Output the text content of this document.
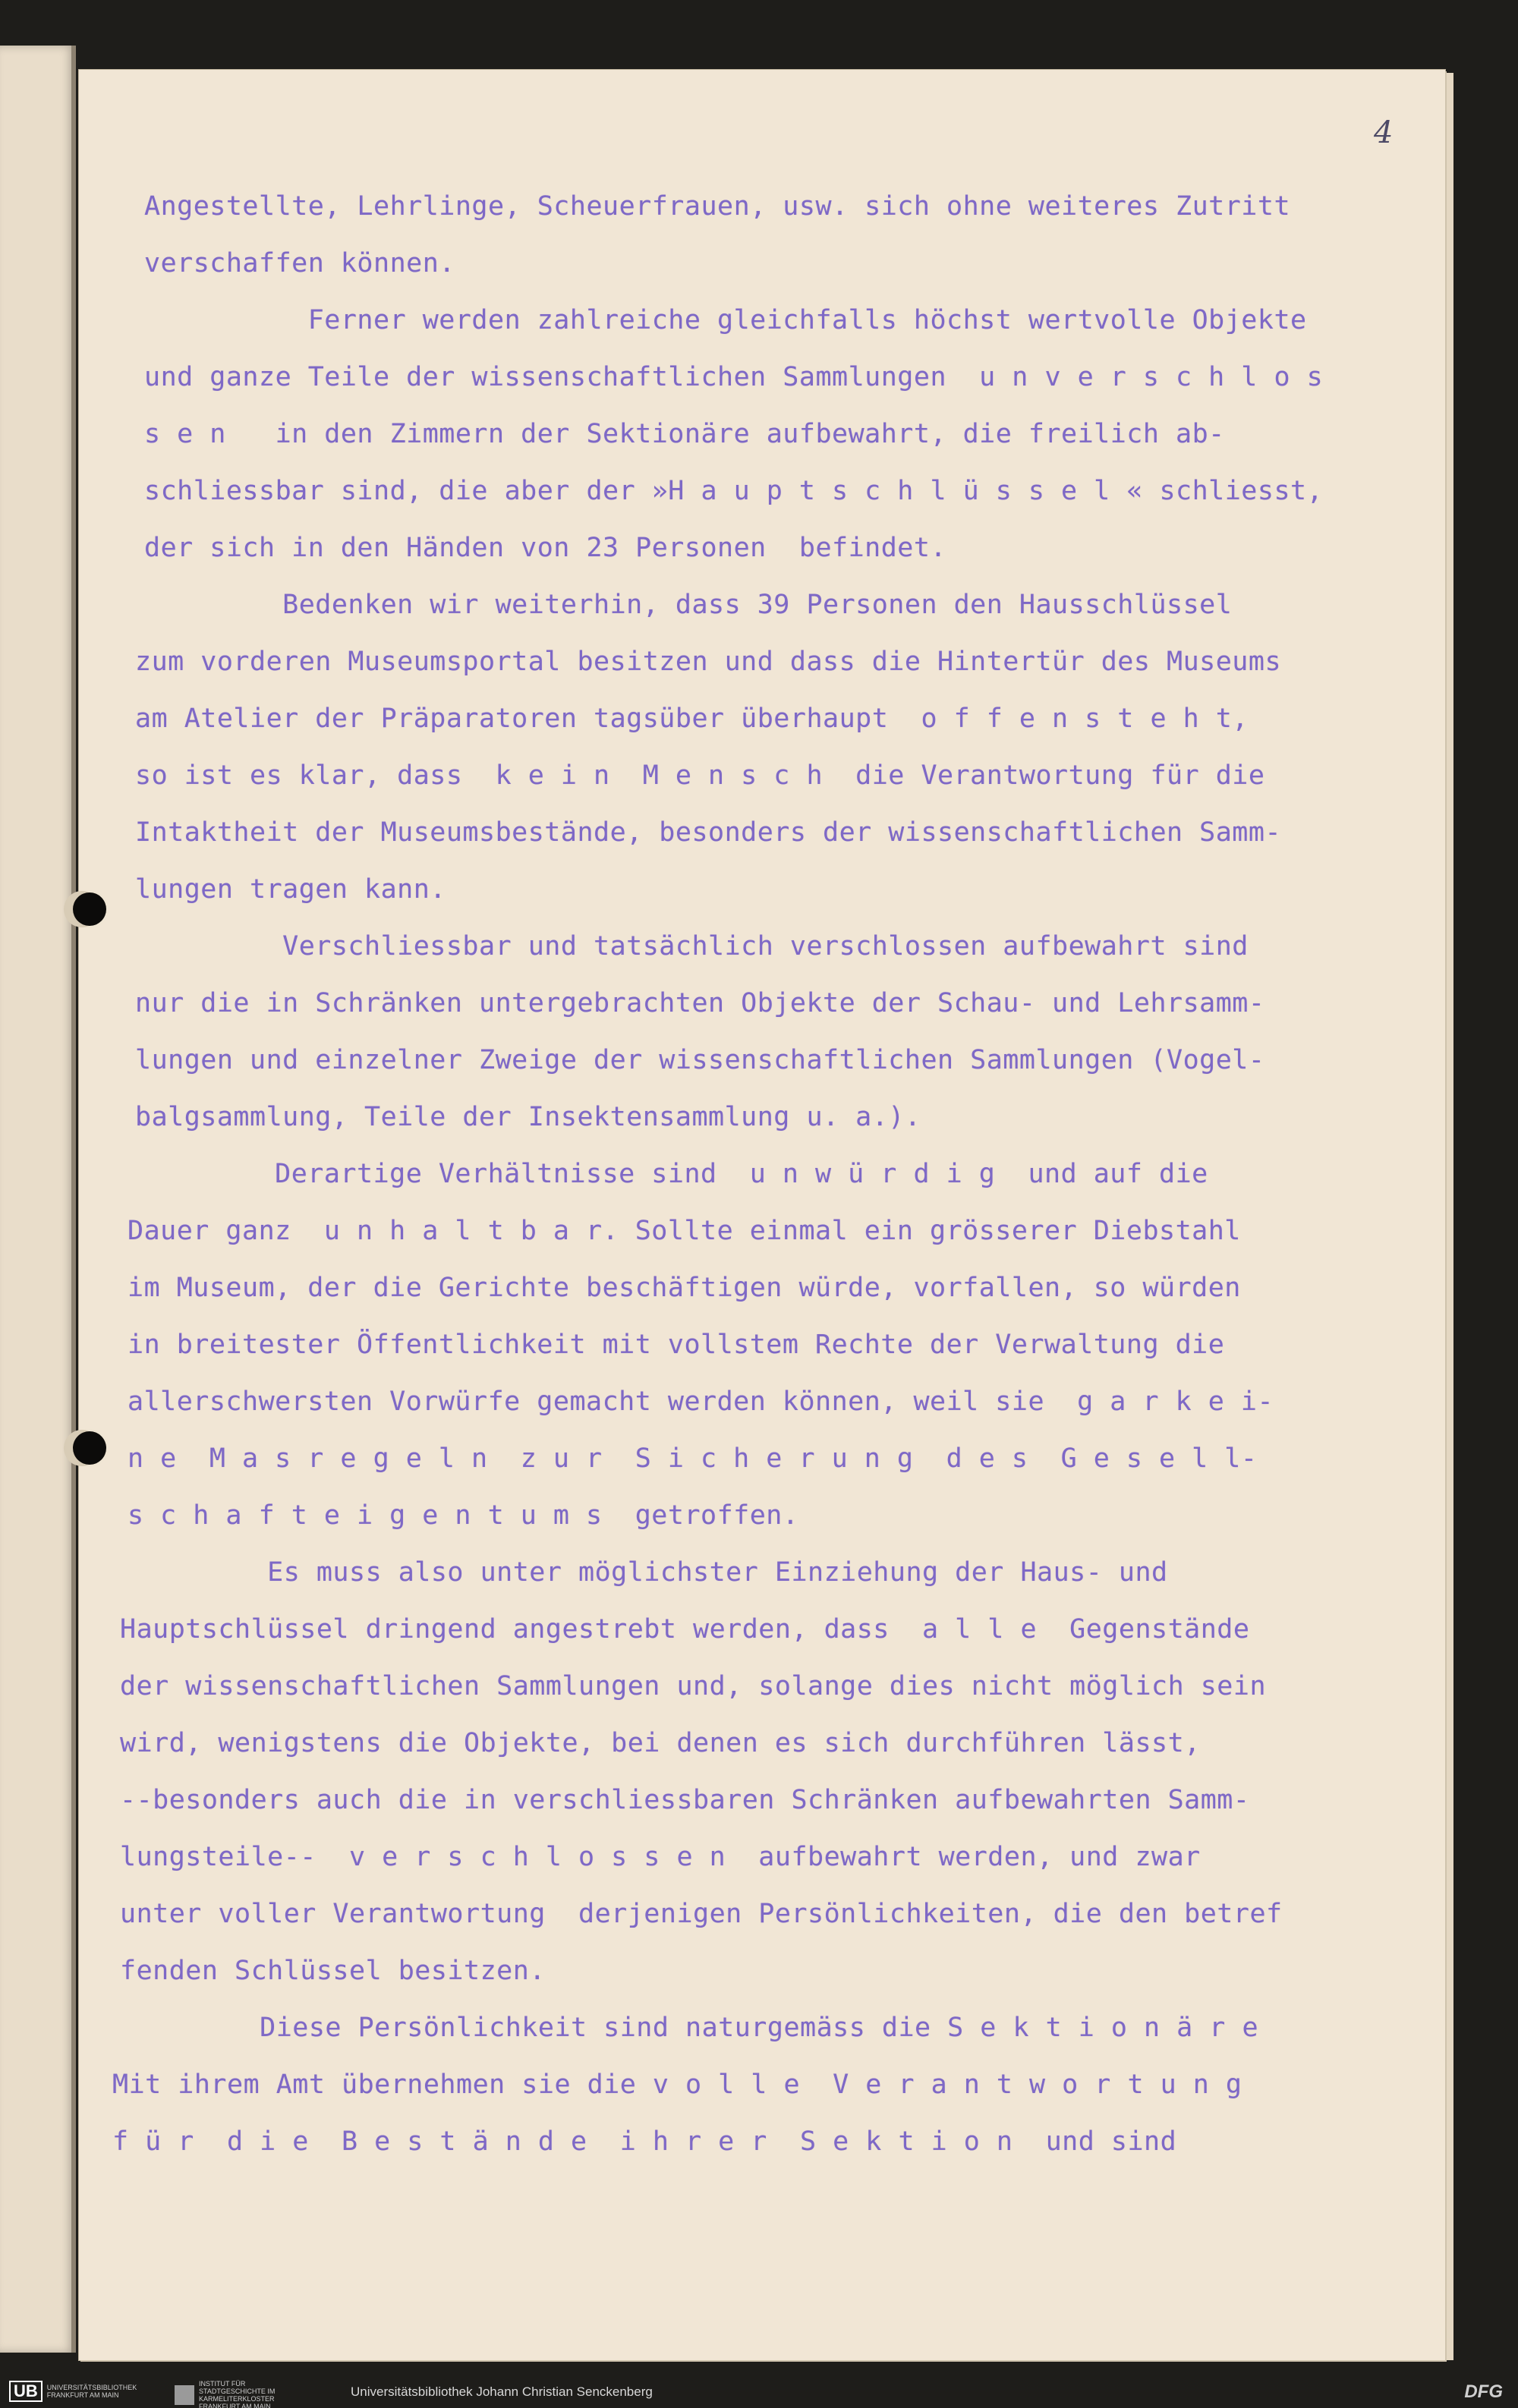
4
Angestellte, Lehrlinge, Scheuerfrauen, usw. sich ohne weiteres Zutritt
verschaffen können.
Ferner werden zahlreiche gleichfalls höchst wertvolle Objekte
und ganze Teile der wissenschaftlichen Sammlungen  u n v e r s c h l o s
s e n   in den Zimmern der Sektionäre aufbewahrt, die freilich ab-
schliessbar sind, die aber der »H a u p t s c h l ü s s e l « schliesst,
der sich in den Händen von 23 Personen  befindet.
Bedenken wir weiterhin, dass 39 Personen den Hausschlüssel
zum vorderen Museumsportal besitzen und dass die Hintertür des Museums
am Atelier der Präparatoren tagsüber überhaupt  o f f e n s t e h t,
so ist es klar, dass  k e i n  M e n s c h  die Verantwortung für die
Intaktheit der Museumsbestände, besonders der wissenschaftlichen Samm-
lungen tragen kann.
Verschliessbar und tatsächlich verschlossen aufbewahrt sind
nur die in Schränken untergebrachten Objekte der Schau- und Lehrsamm-
lungen und einzelner Zweige der wissenschaftlichen Sammlungen (Vogel-
balgsammlung, Teile der Insektensammlung u. a.).
Derartige Verhältnisse sind  u n w ü r d i g  und auf die
Dauer ganz  u n h a l t b a r. Sollte einmal ein grösserer Diebstahl
im Museum, der die Gerichte beschäftigen würde, vorfallen, so würden
in breitester Öffentlichkeit mit vollstem Rechte der Verwaltung die
allerschwersten Vorwürfe gemacht werden können, weil sie  g a r k e i-
n e  M a s r e g e l n  z u r  S i c h e r u n g  d e s  G e s e l l-
s c h a f t e i g e n t u m s  getroffen.
Es muss also unter möglichster Einziehung der Haus- und
Hauptschlüssel dringend angestrebt werden, dass  a l l e  Gegenstände
der wissenschaftlichen Sammlungen und, solange dies nicht möglich sein
wird, wenigstens die Objekte, bei denen es sich durchführen lässt,
--besonders auch die in verschliessbaren Schränken aufbewahrten Samm-
lungsteile--  v e r s c h l o s s e n  aufbewahrt werden, und zwar
unter voller Verantwortung  derjenigen Persönlichkeiten, die den betref
fenden Schlüssel besitzen.
Diese Persönlichkeit sind naturgemäss die S e k t i o n ä r e
Mit ihrem Amt übernehmen sie die v o l l e  V e r a n t w o r t u n g
f ü r  d i e  B e s t ä n d e  i h r e r  S e k t i o n  und sind
UB	UNIVERSITÄTSBIBLIOTHEK FRANKFURT AM MAIN
INSTITUT FÜR STADTGESCHICHTE IM KARMELITERKLOSTER FRANKFURT AM MAIN
Universitätsbibliothek Johann Christian Senckenberg	DFG
